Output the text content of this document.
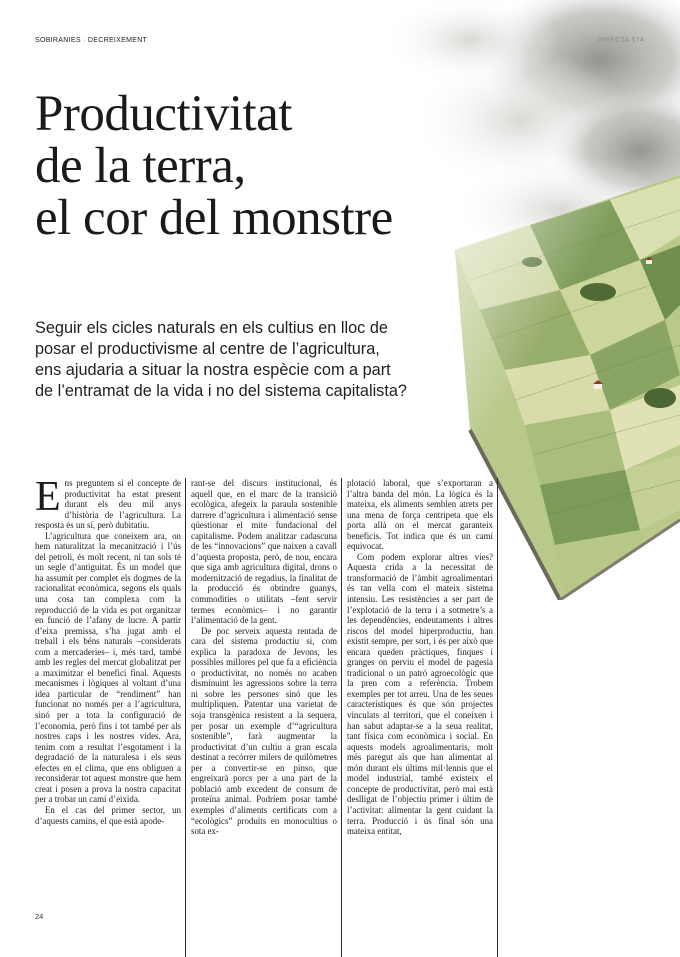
SOBIRANIES · DECREIXEMENT
Productivitat
de la terra,
el cor del monstre

Seguir els cicles naturals en els cultius en lloc de
posar el productivisme al centre de l’agricultura,
ens ajudaria a situar la nostra espècie com a part
de l’entramat de la vida i no del sistema capitalista?

Ens preguntem si el concepte de productivitat ha estat present durant els deu mil anys d’història de l’agricultura. La resposta és un sí, però dubitatiu.

L’agricultura que coneixem ara, on hem naturalitzat la mecanització i l’ús del petroli, és molt recent, ni tan sols té un segle d’antiguitat. És un model que ha assumit per complet els dogmes de la racionalitat econòmica, segons els quals una cosa tan complexa com la reproducció de la vida es pot organitzar en funció de l’afany de lucre. A partir d’eixa premissa, s’ha jugat amb el treball i els béns naturals –considerats com a mercaderies– i, més tard, també amb les regles del mercat globalitzat per a maximitzar el benefici final. Aquests mecanismes i lògiques al voltant d’una idea particular de “rendiment” han funcionat no només per a l’agricultura, sinó per a tota la configuració de l’economia, però fins i tot també per als nostres caps i les nostres vides. Ara, tenim com a resultat l’esgotament i la degradació de la naturalesa i els seus efectes en el clima, que ens obliguen a reconsiderar tot aquest monstre que hem creat i posen a prova la nostra capacitat per a trobar un camí d’eixida.

En el cas del primer sector, un d’aquests camins, el que està apode-

rant-se del discurs institucional, és aquell que, en el marc de la transició ecològica, afegeix la paraula sostenible darrere d’agricultura i alimentació sense qüestionar el mite fundacional del capitalisme. Podem analitzar cadascuna de les “innovacions” que naixen a cavall d’aquesta proposta, però, de nou, encara que siga amb agricultura digital, drons o modernització de regadius, la finalitat de la producció és obtindre guanys, commodities o utilitats –fent servir termes econòmics– i no garantir l’alimentació de la gent.

De poc serveix aquesta rentada de cara del sistema productiu si, com explica la paradoxa de Jevons, les possibles millores pel que fa a eficiència o productivitat, no només no acaben disminuint les agressions sobre la terra ni sobre les persones sinó que les multipliquen. Patentar una varietat de soja transgènica resistent a la sequera, per posar un exemple d’“agricultura sostenible”, farà augmentar la productivitat d’un cultiu a gran escala destinat a recórrer milers de quilòmetres per a convertir-se en pinso, que engreixarà porcs per a una part de la població amb excedent de consum de proteïna animal. Podríem posar també exemples d’aliments certificats com a “ecològics” produïts en monocultius o sota ex-

plotació laboral, que s’exportaran a l’altra banda del món. La lògica és la mateixa, els aliments semblen atrets per una mena de força centrípeta que els porta allà on el mercat garanteix beneficis. Tot indica que és un camí equivocat.

Com podem explorar altres vies? Aquesta crida a la necessitat de transformació de l’àmbit agroalimentari és tan vella com el mateix sistema intensiu. Les resistències a ser part de l’explotació de la terra i a sotmetre’s a les dependències, endeutaments i altres riscos del model hiperproductiu, han existit sempre, per sort, i és per això que encara queden pràctiques, finques i granges on perviu el model de pagesia tradicional o un patró agroecològic que la pren com a referència. Trobem exemples per tot arreu. Una de les seues característiques és que són projectes vinculats al territori, que el coneixen i han sabut adaptar-se a la seua realitat, tant física com econòmica i social. En aquests models agroalimentaris, molt més paregut als que han alimentat al món durant els últims mil·lennis que el model industrial, també existeix el concepte de productivitat, però mai està deslligat de l’objectiu primer i últim de l’activitat: alimentar la gent cuidant la terra. Producció i ús final són una mateixa entitat,

24
